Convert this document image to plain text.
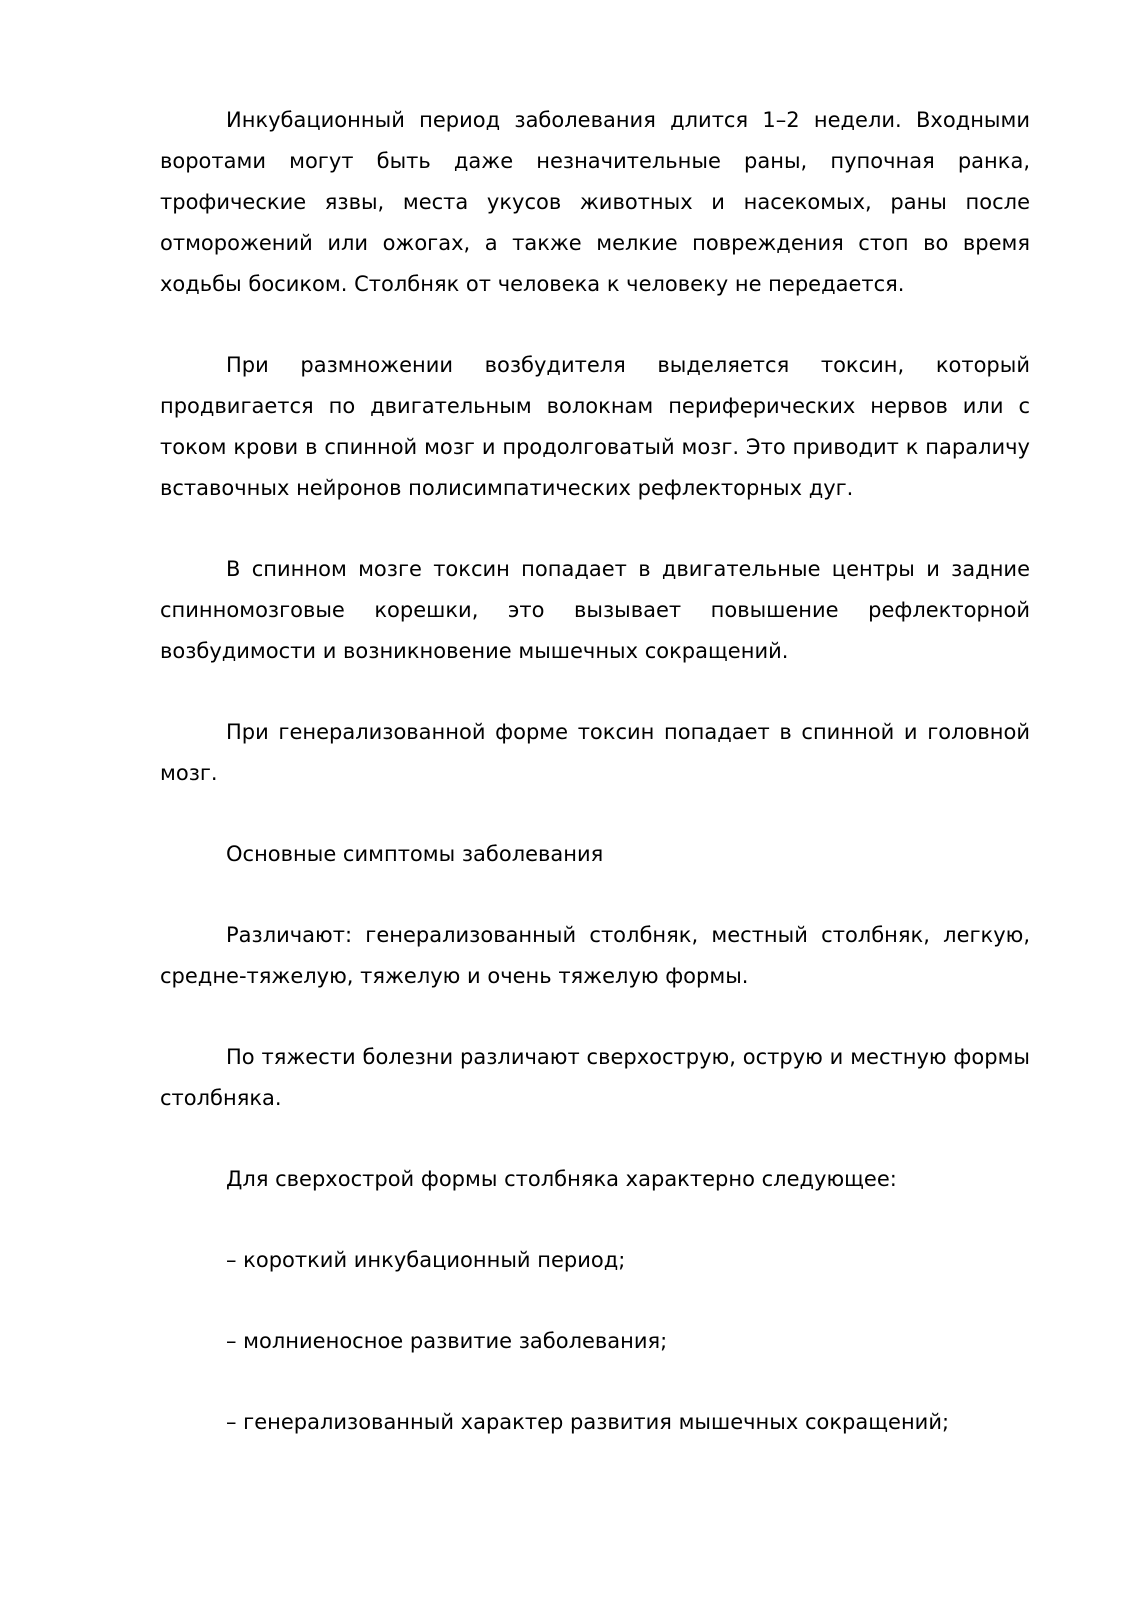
Инкубационный период заболевания длится 1–2 недели. Входными воротами могут быть даже незначительные раны, пупочная ранка, трофические язвы, места укусов животных и насекомых, раны после отморожений или ожогах, а также мелкие повреждения стоп во время ходьбы босиком. Столбняк от человека к человеку не передается.

При размножении возбудителя выделяется токсин, который продвигается по двигательным волокнам периферических нервов или с током крови в спинной мозг и продолговатый мозг. Это приводит к параличу вставочных нейронов полисимпатических рефлекторных дуг.

В спинном мозге токсин попадает в двигательные центры и задние спинномозговые корешки, это вызывает повышение рефлекторной возбудимости и возникновение мышечных сокращений.

При генерализованной форме токсин попадает в спинной и головной мозг.

Основные симптомы заболевания

Различают: генерализованный столбняк, местный столбняк, легкую, средне-тяжелую, тяжелую и очень тяжелую формы.

По тяжести болезни различают сверхострую, острую и местную формы столбняка.

Для сверхострой формы столбняка характерно следующее:

– короткий инкубационный период;

– молниеносное развитие заболевания;

– генерализованный характер развития мышечных сокращений;
